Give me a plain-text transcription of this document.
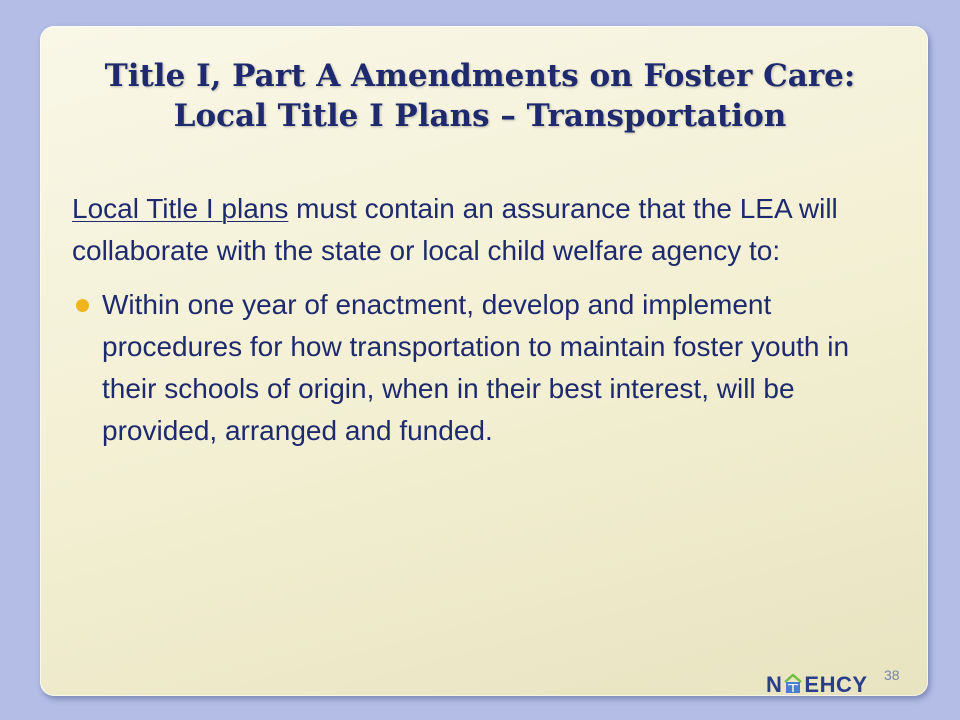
Title I, Part A Amendments on Foster Care:
Local Title I Plans – Transportation

Local Title I plans must contain an assurance that the LEA will collaborate with the state or local child welfare agency to:

Within one year of enactment, develop and implement procedures for how transportation to maintain foster youth in their schools of origin, when in their best interest, will be provided, arranged and funded.
38
N EHCY
